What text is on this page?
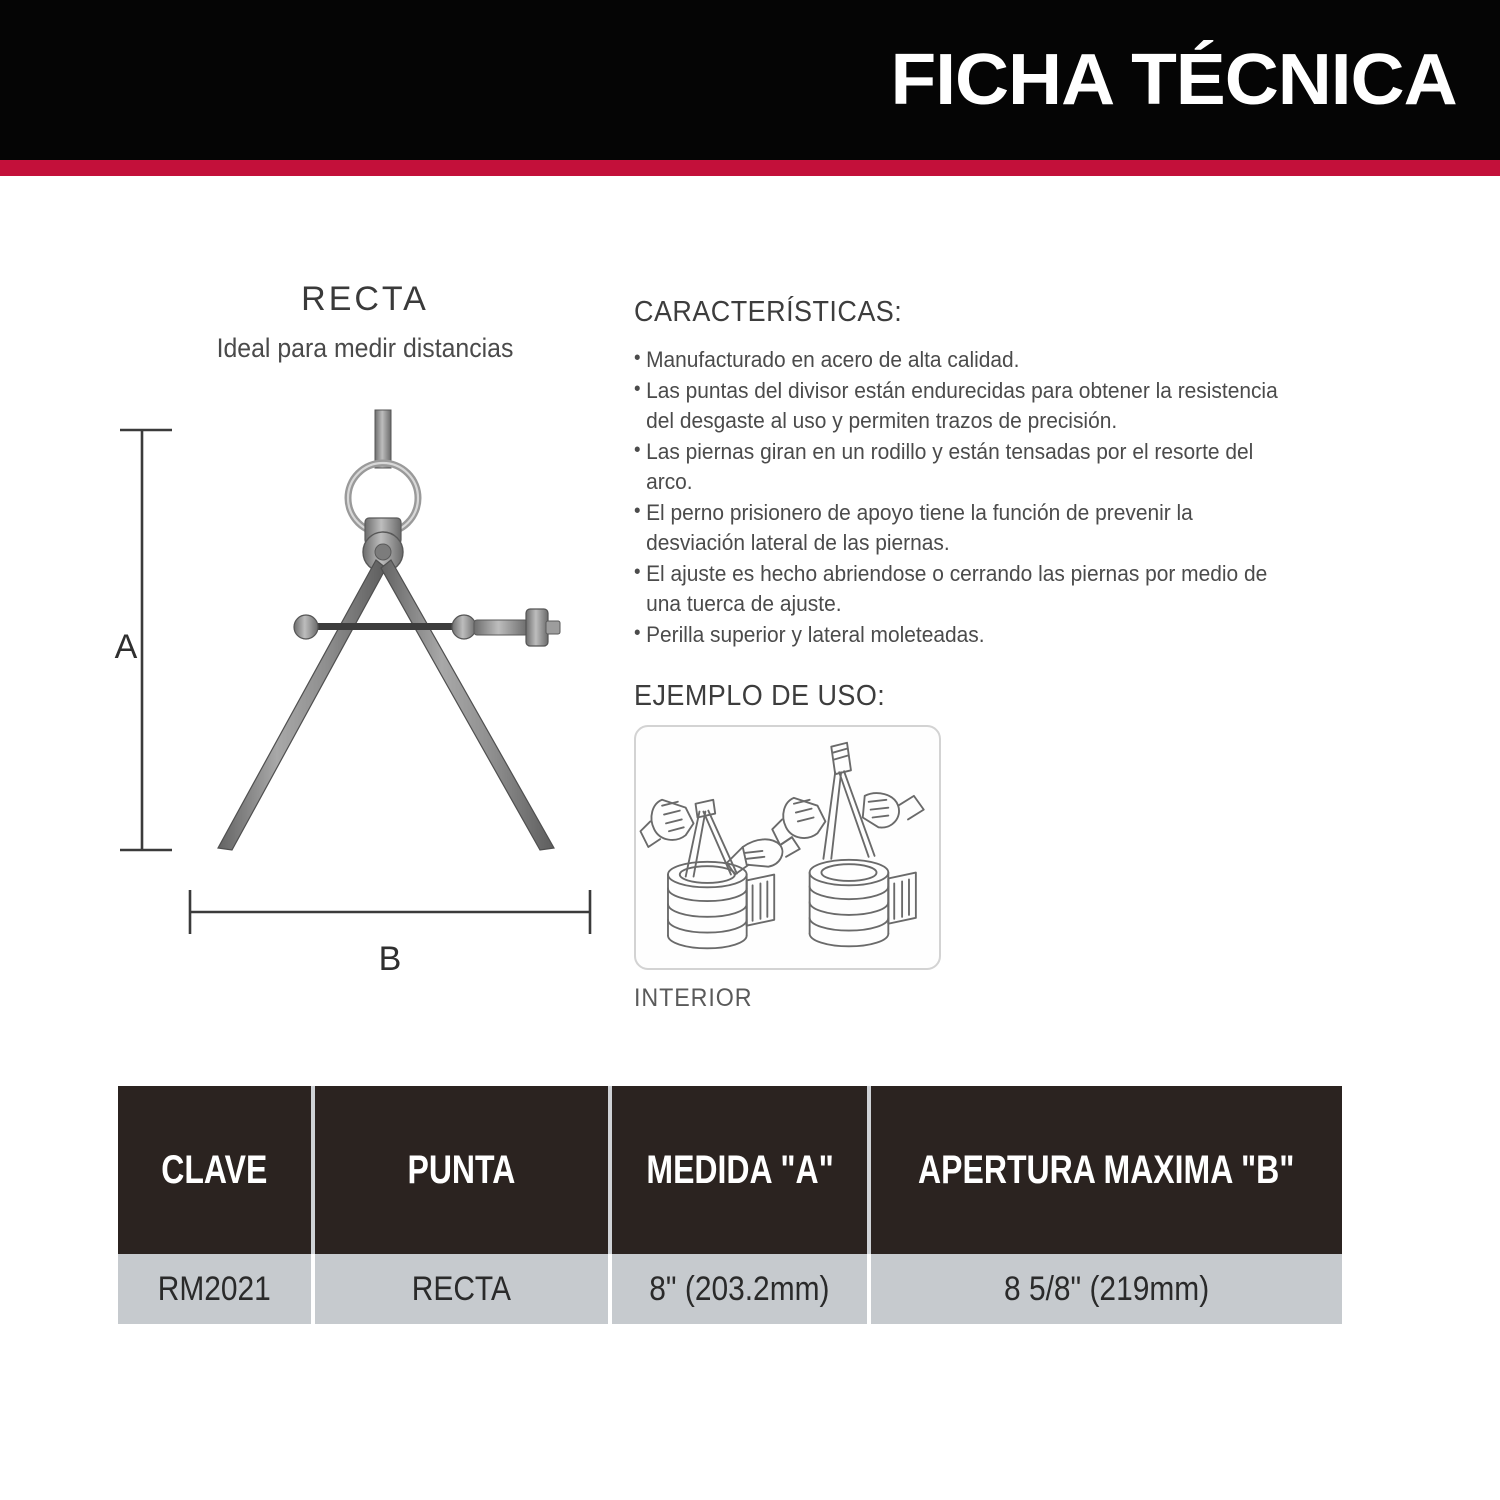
FICHA TÉCNICA
RECTA
Ideal para medir distancias
A
B
CARACTERÍSTICAS:
• Manufacturado en acero de alta calidad.
• Las puntas del divisor están endurecidas para obtener la resistencia del desgaste al uso y permiten trazos de precisión.
• Las piernas giran en un rodillo y están tensadas por el resorte del arco.
• El perno prisionero de apoyo tiene la función de prevenir la desviación lateral de las piernas.
• El ajuste es hecho abriendose o cerrando las piernas por medio de una tuerca de ajuste.
• Perilla superior y lateral moleteadas.
EJEMPLO DE USO:
INTERIOR
CLAVE	PUNTA	MEDIDA "A"	APERTURA MAXIMA "B"
RM2021	RECTA	8" (203.2mm)	8 5/8" (219mm)
